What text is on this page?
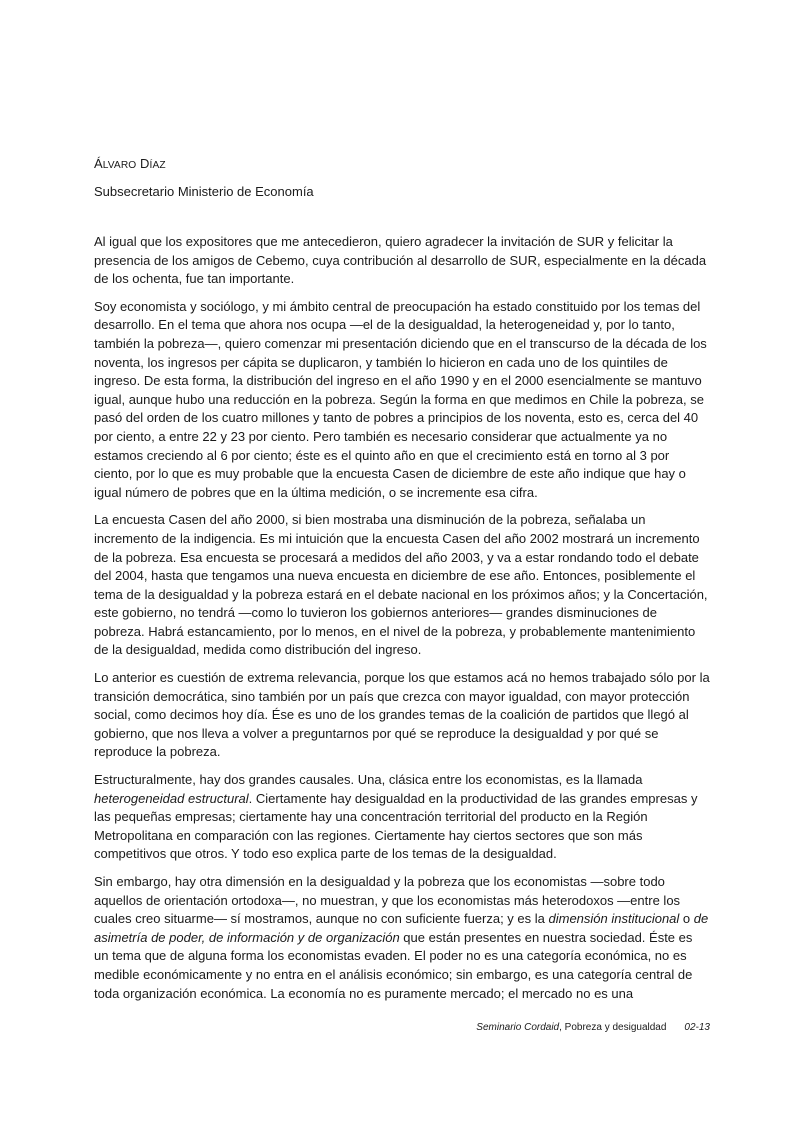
ÁLVARO DÍAZ
Subsecretario Ministerio de Economía

Al igual que los expositores que me antecedieron, quiero agradecer la invitación de SUR y felicitar la presencia de los amigos de Cebemo, cuya contribución al desarrollo de SUR, especialmente en la década de los ochenta, fue tan importante.

Soy economista y sociólogo, y mi ámbito central de preocupación ha estado constituido por los temas del desarrollo. En el tema que ahora nos ocupa —el de la desigualdad, la heterogeneidad y, por lo tanto, también la pobreza—, quiero comenzar mi presentación diciendo que en el transcurso de la década de los noventa, los ingresos per cápita se duplicaron, y también lo hicieron en cada uno de los quintiles de ingreso. De esta forma, la distribución del ingreso en el año 1990 y en el 2000 esencialmente se mantuvo igual, aunque hubo una reducción en la pobreza. Según la forma en que medimos en Chile la pobreza, se pasó del orden de los cuatro millones y tanto de pobres a principios de los noventa, esto es, cerca del 40 por ciento, a entre 22 y 23 por ciento. Pero también es necesario considerar que actualmente ya no estamos creciendo al 6 por ciento; éste es el quinto año en que el crecimiento está en torno al 3 por ciento, por lo que es muy probable que la encuesta Casen de diciembre de este año indique que hay o igual número de pobres que en la última medición, o se incremente esa cifra.

La encuesta Casen del año 2000, si bien mostraba una disminución de la pobreza, señalaba un incremento de la indigencia. Es mi intuición que la encuesta Casen del año 2002 mostrará un incremento de la pobreza. Esa encuesta se procesará a medidos del año 2003, y va a estar rondando todo el debate del 2004, hasta que tengamos una nueva encuesta en diciembre de ese año. Entonces, posiblemente el tema de la desigualdad y la pobreza estará en el debate nacional en los próximos años; y la Concertación, este gobierno, no tendrá —como lo tuvieron los gobiernos anteriores— grandes disminuciones de pobreza. Habrá estancamiento, por lo menos, en el nivel de la pobreza, y probablemente mantenimiento de la desigualdad, medida como distribución del ingreso.

Lo anterior es cuestión de extrema relevancia, porque los que estamos acá no hemos trabajado sólo por la transición democrática, sino también por un país que crezca con mayor igualdad, con mayor protección social, como decimos hoy día. Ése es uno de los grandes temas de la coalición de partidos que llegó al gobierno, que nos lleva a volver a preguntarnos por qué se reproduce la desigualdad y por qué se reproduce la pobreza.

Estructuralmente, hay dos grandes causales. Una, clásica entre los economistas, es la llamada heterogeneidad estructural. Ciertamente hay desigualdad en la productividad de las grandes empresas y las pequeñas empresas; ciertamente hay una concentración territorial del producto en la Región Metropolitana en comparación con las regiones. Ciertamente hay ciertos sectores que son más competitivos que otros. Y todo eso explica parte de los temas de la desigualdad.

Sin embargo, hay otra dimensión en la desigualdad y la pobreza que los economistas —sobre todo aquellos de orientación ortodoxa—, no muestran, y que los economistas más heterodoxos —entre los cuales creo situarme— sí mostramos, aunque no con suficiente fuerza; y es la dimensión institucional o de asimetría de poder, de información y de organización que están presentes en nuestra sociedad. Éste es un tema que de alguna forma los economistas evaden. El poder no es una categoría económica, no es medible económicamente y no entra en el análisis económico; sin embargo, es una categoría central de toda organización económica. La economía no es puramente mercado; el mercado no es una

Seminario Cordaid, Pobreza y desigualdad 02-13
